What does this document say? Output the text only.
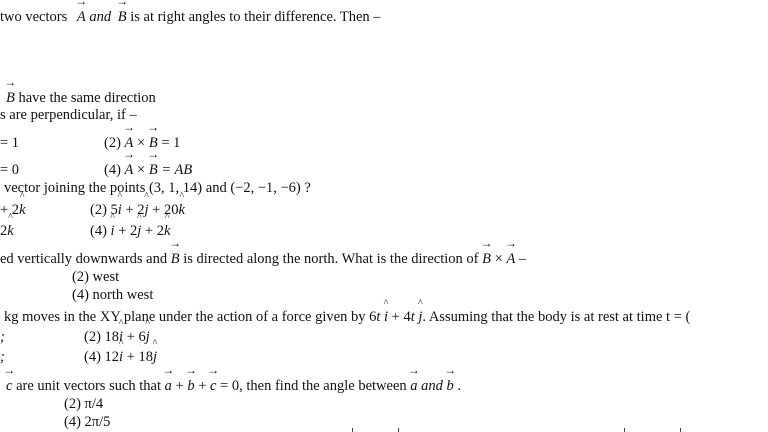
two vectors → A and → B is at right angles to their difference. Then –
→ B have the same direction
s are perpendicular, if –
= 1	(2) → A × → B = 1
= 0	(4) → A × → B = AB
vector joining the points (3, 1, 14) and (−2, −1, −6) ?
+ 2^ k	(2) 5^ i + 2^ j + 20^ k
2^ k	(4) ^ i + 2^ j + 2^ k
ed vertically downwards and → B is directed along the north. What is the direction of → B × → A –
(2) west
(4) north west
kg moves in the XY plane under the action of a force given by 6t ^ i + 4t ^ j. Assuming that the body is at rest at time t = (
;	(2) 18^ i + 6^ j
;	(4) 12^ i + 18^ j
→ c are unit vectors such that → a + → b + → c = 0, then find the angle between → a and → b .
(2) π/4
(4) 2π/5
